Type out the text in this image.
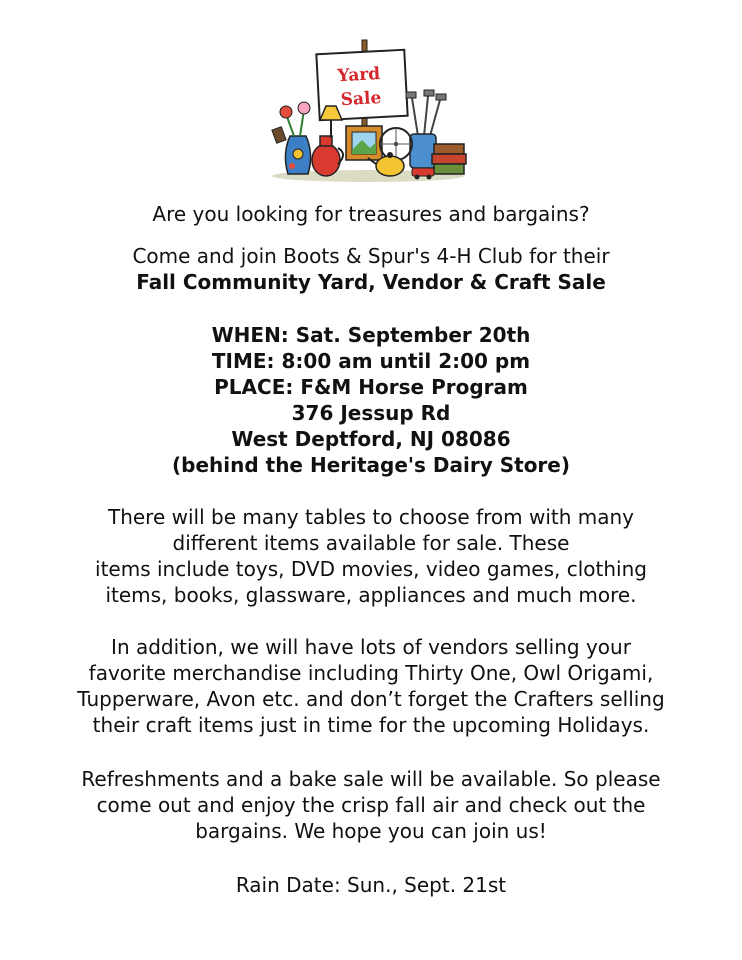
Yard
Sale
Are you looking for treasures and bargains?
Come and join Boots & Spur's 4-H Club for their
Fall Community Yard, Vendor & Craft Sale
WHEN: Sat. September 20th
TIME: 8:00 am until 2:00 pm
PLACE: F&M Horse Program
376 Jessup Rd
West Deptford, NJ 08086
(behind the Heritage's Dairy Store)
There will be many tables to choose from with many
different items available for sale. These
items include toys, DVD movies, video games, clothing
items, books, glassware, appliances and much more.
In addition, we will have lots of vendors selling your
favorite merchandise including Thirty One, Owl Origami,
Tupperware, Avon etc. and don’t forget the Crafters selling
their craft items just in time for the upcoming Holidays.
Refreshments and a bake sale will be available. So please
come out and enjoy the crisp fall air and check out the
bargains. We hope you can join us!
Rain Date: Sun., Sept. 21st
